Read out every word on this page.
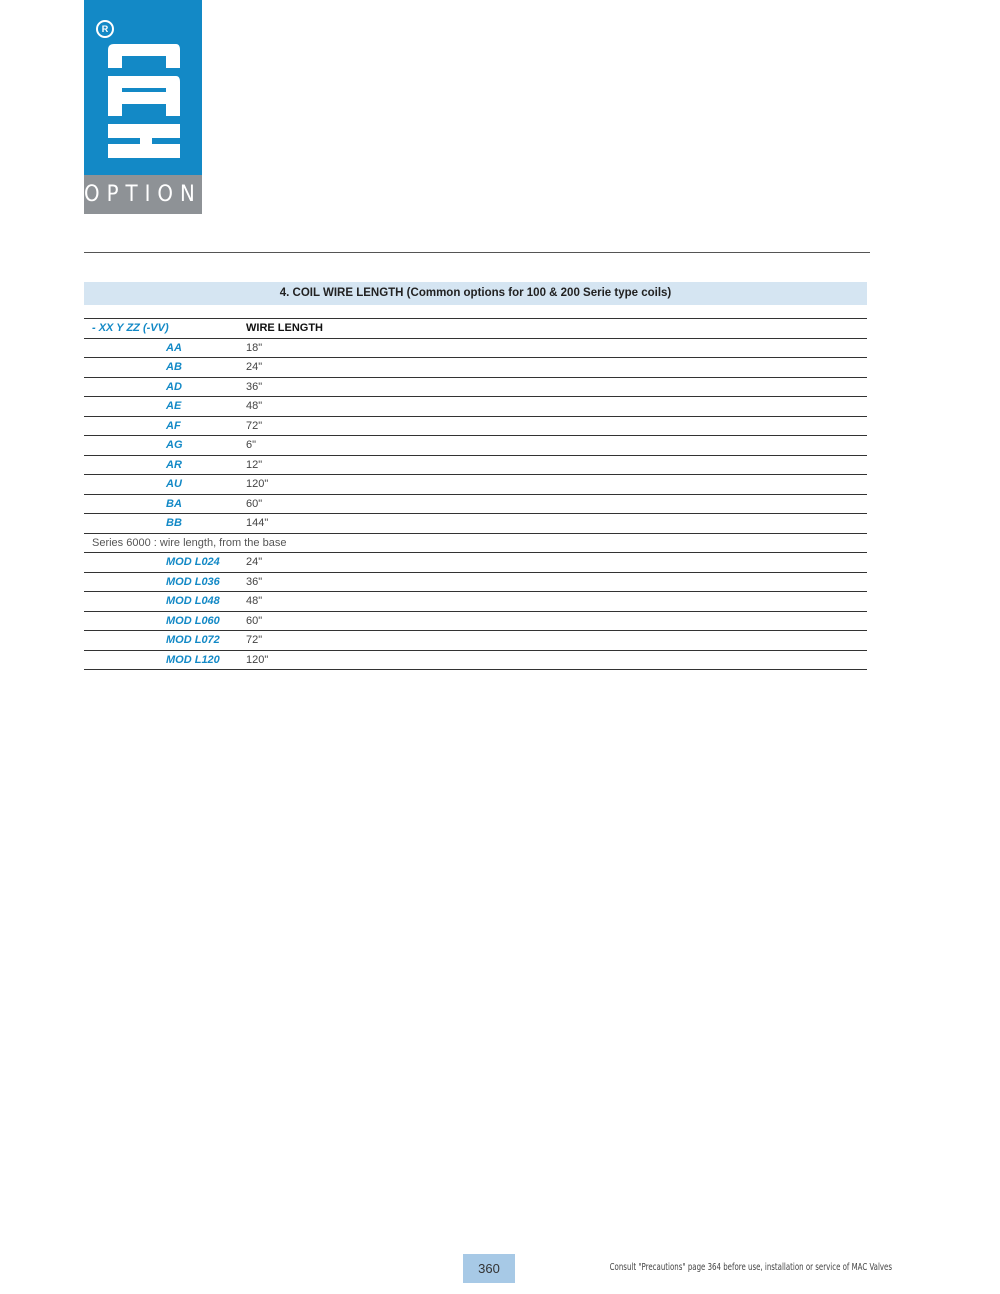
R
OPTIONS
4. COIL WIRE LENGTH (Common options for 100 & 200 Serie type coils)
- XX Y ZZ (-VV)	WIRE LENGTH
AA	18"
AB	24"
AD	36"
AE	48"
AF	72"
AG	6"
AR	12"
AU	120"
BA	60"
BB	144"
Series 6000 : wire length, from the base	
MOD L024	24"
MOD L036	36"
MOD L048	48"
MOD L060	60"
MOD L072	72"
MOD L120	120"
360	Consult "Precautions" page 364 before use, installation or service of MAC Valves
